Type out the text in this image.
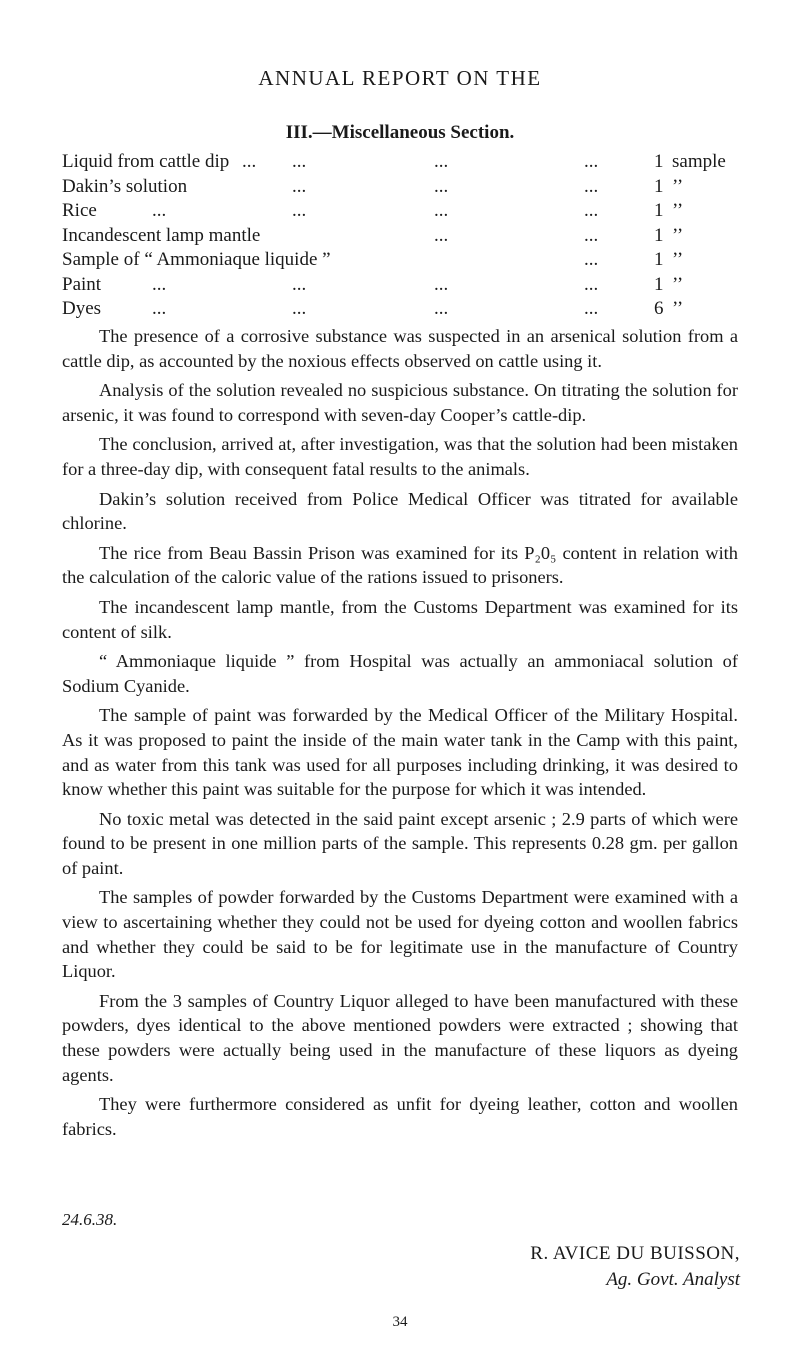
ANNUAL REPORT ON THE
III.—Miscellaneous Section.
Liquid from cattle dip
...	...	...	...	1 sample
Dakin’s solution	...	...	...	1 ’’
Rice	...	...	...	...	1 ’’
Incandescent lamp mantle	...	...	1 ’’
Sample of “ Ammoniaque liquide ”	...	1 ’’
Paint	...	...	...	...	1 ’’
Dyes	...	...	...	...	6 ’’

The presence of a corrosive substance was suspected in an arsenical solution from a cattle dip, as accounted by the noxious effects observed on cattle using it.

Analysis of the solution revealed no suspicious substance. On titrating the solution for arsenic, it was found to correspond with seven-day Cooper’s cattle-dip.

The conclusion, arrived at, after investigation, was that the solution had been mistaken for a three-day dip, with consequent fatal results to the animals.

Dakin’s solution received from Police Medical Officer was titrated for available chlorine.

The rice from Beau Bassin Prison was examined for its P₂0₅ content in relation with the calculation of the caloric value of the rations issued to prisoners.

The incandescent lamp mantle, from the Customs Department was examined for its content of silk.

“ Ammoniaque liquide ” from Hospital was actually an ammoniacal solution of Sodium Cyanide.

The sample of paint was forwarded by the Medical Officer of the Military Hospital. As it was proposed to paint the inside of the main water tank in the Camp with this paint, and as water from this tank was used for all purposes including drinking, it was desired to know whether this paint was suitable for the purpose for which it was intended.

No toxic metal was detected in the said paint except arsenic ; 2.9 parts of which were found to be present in one million parts of the sample. This represents 0.28 gm. per gallon of paint.

The samples of powder forwarded by the Customs Department were examined with a view to ascertaining whether they could not be used for dyeing cotton and woollen fabrics and whether they could be said to be for legitimate use in the manufacture of Country Liquor.

From the 3 samples of Country Liquor alleged to have been manufactured with these powders, dyes identical to the above mentioned powders were extracted ; showing that these powders were actually being used in the manufacture of these liquors as dyeing agents.

They were furthermore considered as unfit for dyeing leather, cotton and woollen fabrics.

24.6.38.
R. AVICE DU BUISSON,
Ag. Govt. Analyst
34
